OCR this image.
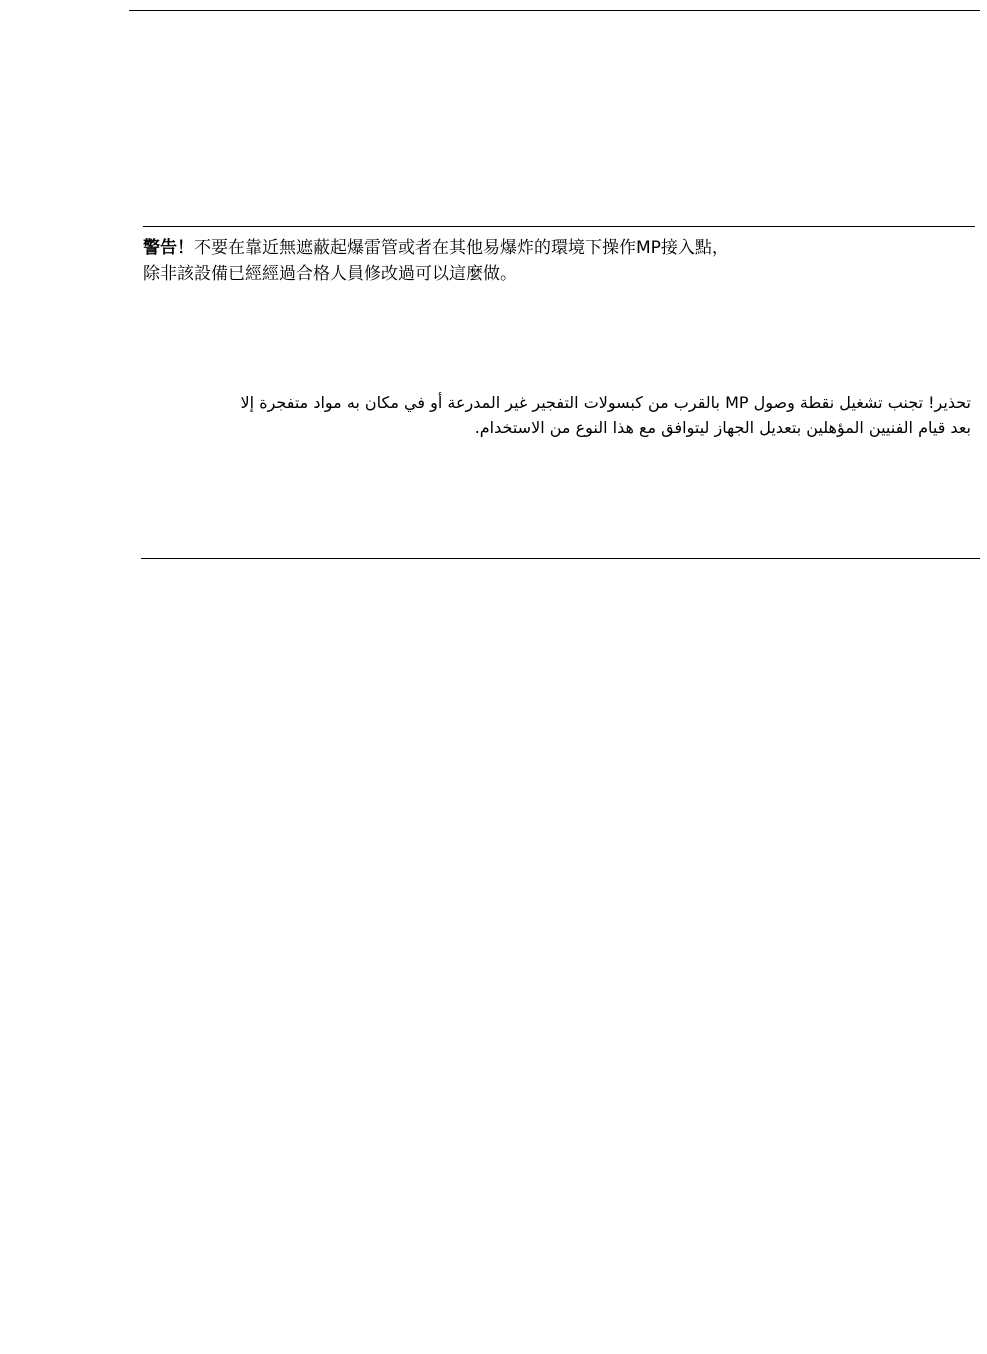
警告！不要在靠近無遮蔽起爆雷管或者在其他易爆炸的環境下操作MP接入點，
除非該設備已經經過合格人員修改過可以這麼做。
تحذير! تجنب تشغيل نقطة وصول MP بالقرب من كبسولات التفجير غير المدرعة أو في مكان به مواد متفجرة إلا
بعد قيام الفنيين المؤهلين بتعديل الجهاز ليتوافق مع هذا النوع من الاستخدام.
